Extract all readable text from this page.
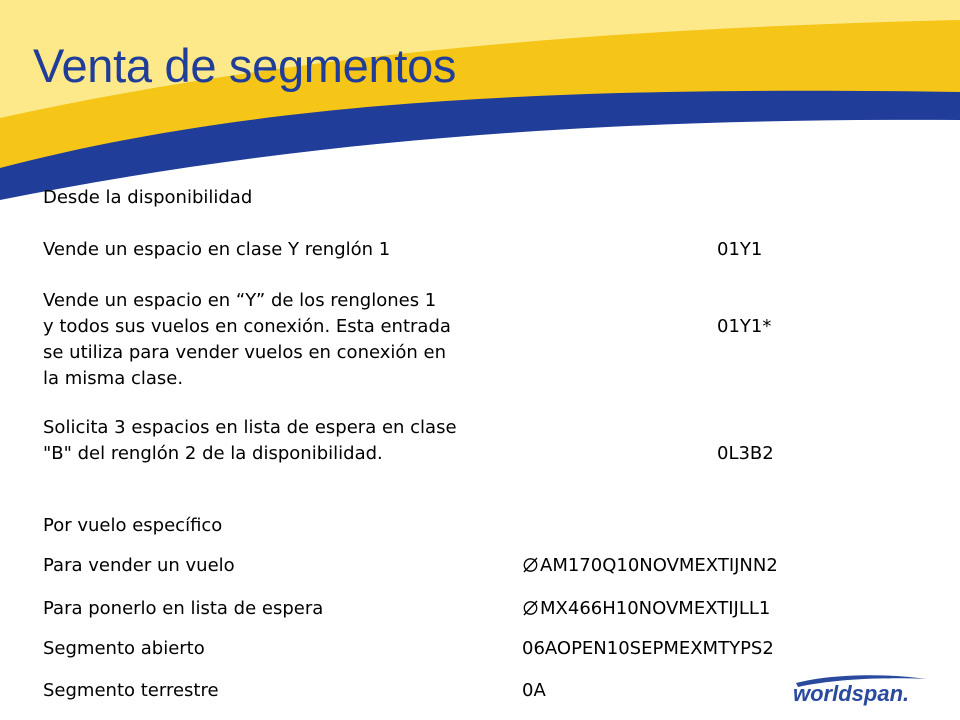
Venta de segmentos
Desde la disponibilidad
Vende un espacio en clase Y renglón 1	01Y1
Vende un espacio en “Y” de los renglones 1
y todos sus vuelos en conexión. Esta entrada	01Y1*
se utiliza para vender vuelos en conexión en
la misma clase.
Solicita 3 espacios en lista de espera en clase
"B" del renglón 2 de la disponibilidad.	0L3B2
Por vuelo específico
Para vender un vuelo	AM170Q10NOVMEXTIJNN2
Para ponerlo en lista de espera	MX466H10NOVMEXTIJLL1
Segmento abierto	06AOPEN10SEPMEXMTYPS2
Segmento terrestre	0A	worldspan.
